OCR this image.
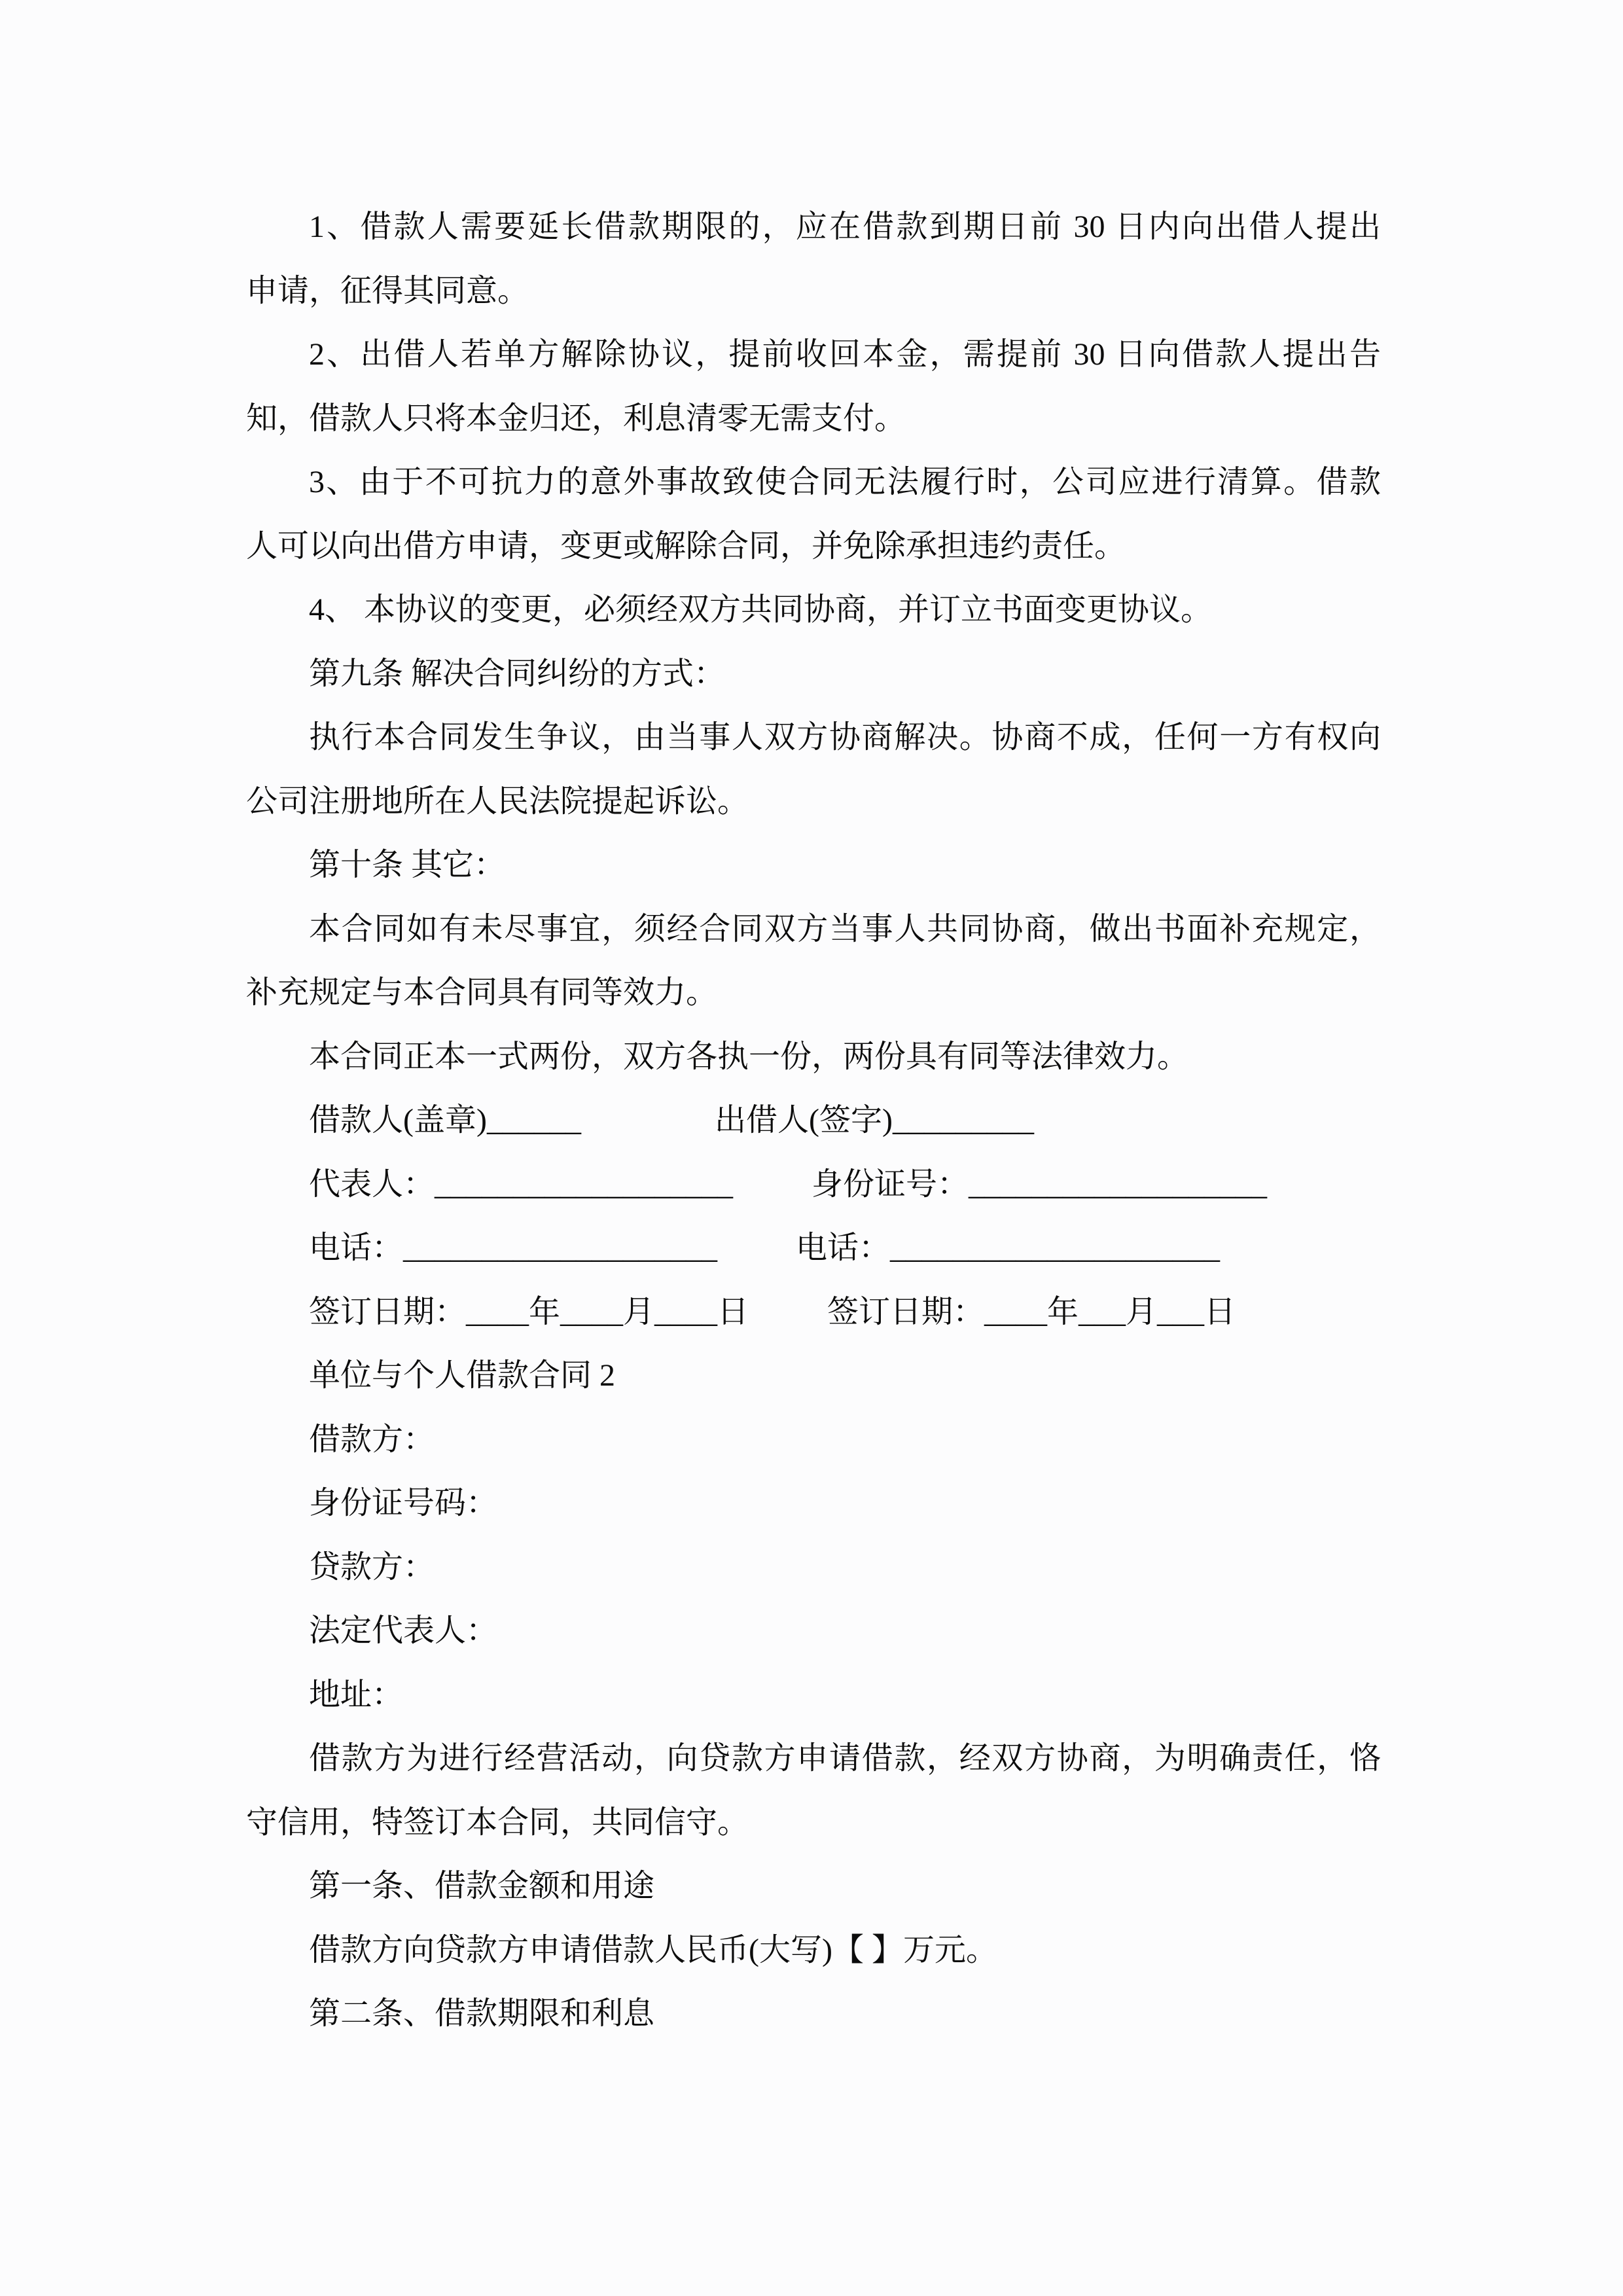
1、借款人需要延长借款期限的，应在借款到期日前 30 日内向出借人提出
申请，征得其同意。
2、出借人若单方解除协议，提前收回本金，需提前 30 日向借款人提出告
知，借款人只将本金归还，利息清零无需支付。
3、由于不可抗力的意外事故致使合同无法履行时，公司应进行清算。借款
人可以向出借方申请，变更或解除合同，并免除承担违约责任。
4、 本协议的变更，必须经双方共同协商，并订立书面变更协议。
第九条 解决合同纠纷的方式：
执行本合同发生争议，由当事人双方协商解决。协商不成，任何一方有权向
公司注册地所在人民法院提起诉讼。
第十条 其它：
本合同如有未尽事宜，须经合同双方当事人共同协商，做出书面补充规定，
补充规定与本合同具有同等效力。
本合同正本一式两份，双方各执一份，两份具有同等法律效力。
借款人(盖章)______                 出借人(签字)_________
代表人：___________________          身份证号：___________________
电话：____________________          电话：_____________________
签订日期：____年____月____日          签订日期：____年___月___日
单位与个人借款合同 2
借款方：
身份证号码：
贷款方：
法定代表人：
地址：
借款方为进行经营活动，向贷款方申请借款，经双方协商，为明确责任，恪
守信用，特签订本合同，共同信守。
第一条、借款金额和用途
借款方向贷款方申请借款人民币(大写)【 】万元。
第二条、借款期限和利息
